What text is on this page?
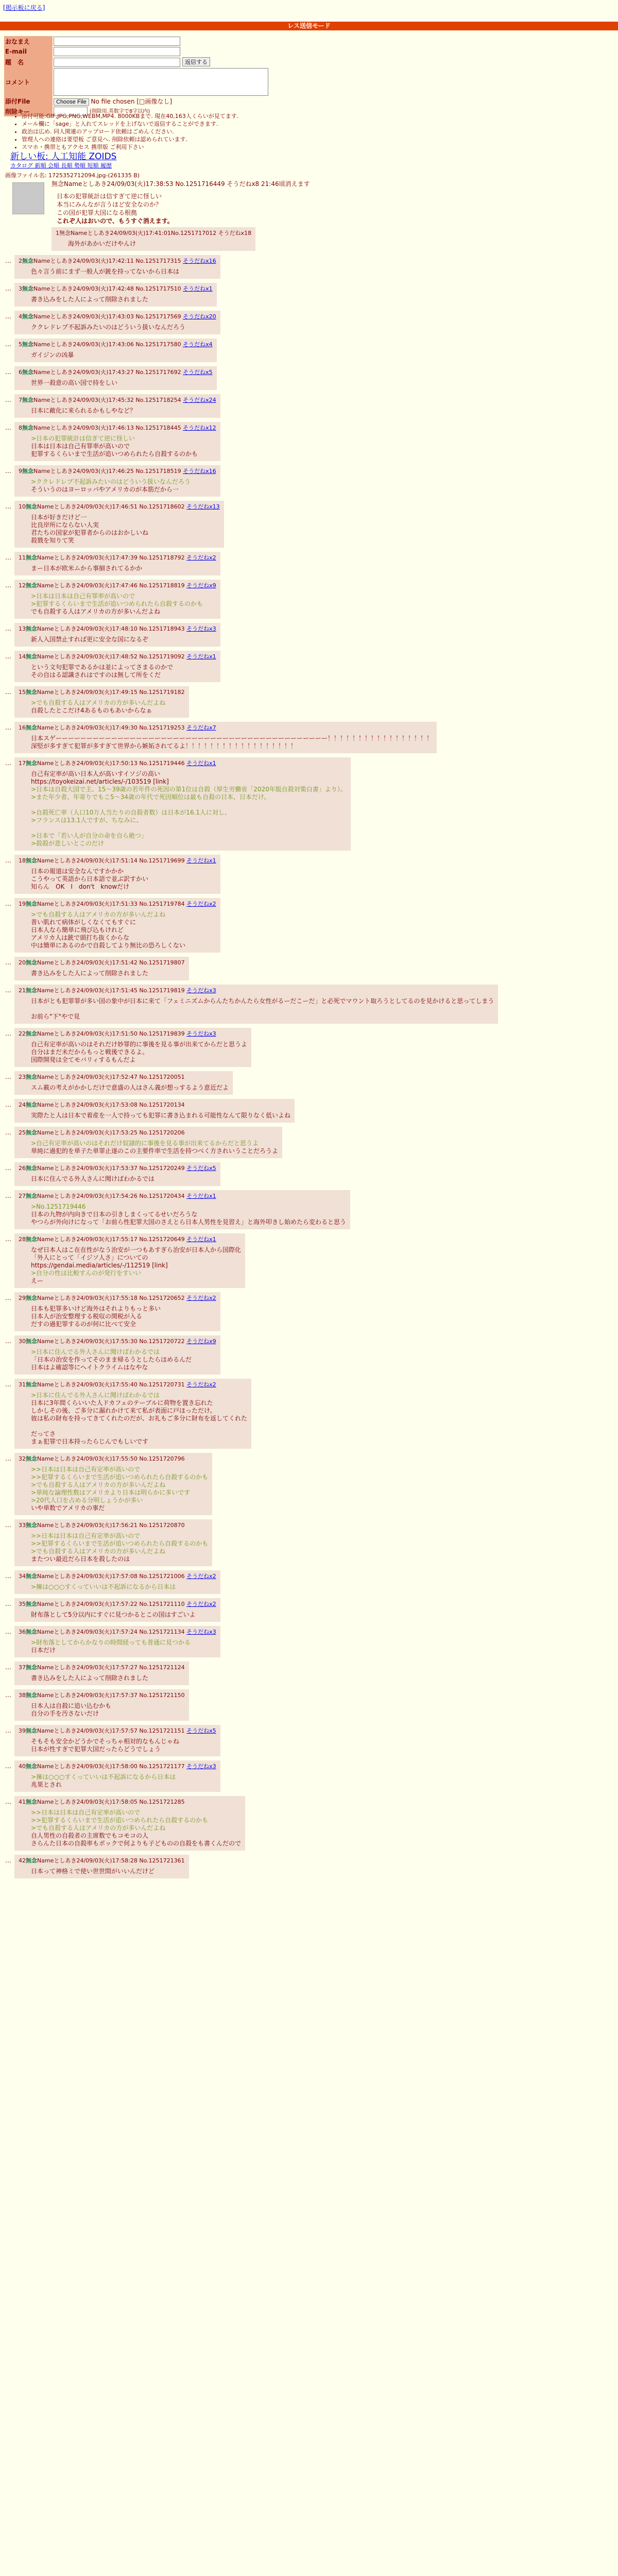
[掲示板に戻る]
レス送信モード
おなまえ	
E-mail	
題　名	返信する
コメント	

添付File	Choose File No file chosen [□画像なし]
削除キー	(削除用.英数字で8字以内)
• 添付可能:GIF,JPG,PNG,WEBM,MP4. 8000KBまで. 現在40,163人くらいが見てます.
• メール欄に「sage」と入れてスレッドを上げないで返信することができます.
• 政治は広め. 同人関連のアップロード依頼はごめんください.
• 管理人への連絡は要望板 ご意見へ. 削除依頼は認められています.
• スマホ・携帯ともアクセス 携帯版 ご利用下さい
新しい板: 人工知能 ZOIDS
カタログ 新順 会順 長順 勢順 短順 履歴
画像ファイル名: 1725352712094.jpg-(261335 B)
無念Nameとしあき24/09/03(火)17:38:53 No.1251716449 そうだねx8 21:46頃消えます
日本の犯罪統計は信すぎて逆に怪しい
本当にみんなが言うほど安全なのか？
この国が犯罪大国になる根拠
これぞ人はおいので、もうすぐ消えます。
1無念Nameとしあき24/09/03(火)17:41:01No.1251717012 そうだねx18
海外があかいだけやんけ
…	2無念Nameとしあき24/09/03(火)17:42:11 No.1251717315 そうだねx16
色々言う前にまず一般人が銃を持ってないから日本は
…	3無念Nameとしあき24/09/03(火)17:42:48 No.1251717510 そうだねx1
書き込みをした人によって削除されました
…	4無念Nameとしあき24/09/03(火)17:43:03 No.1251717569 そうだねx20
ククレドレプ不起訴みたいのはどういう扱いなんだろう
…	5無念Nameとしあき24/09/03(火)17:43:06 No.1251717580 そうだねx4
ガイジンの凶暴
…	6無念Nameとしあき24/09/03(火)17:43:27 No.1251717692 そうだねx5
世界一殺意の高い国で持をしい
…	7無念Nameとしあき24/09/03(火)17:45:32 No.1251718254 そうだねx24
日本に敵化に来られるかもしやなど？
…	8無念Nameとしあき24/09/03(火)17:46:13 No.1251718445 そうだねx12
>日本の犯罪統計は信ぎて逆に怪しい
日本は日本は自己有罪率が高いので
犯罪するくらいまで生活が追いつめられたら自殺するのかも
…	9無念Nameとしあき24/09/03(火)17:46:25 No.1251718519 そうだねx16
>ククレドレプ不起訴みたいのはどういう扱いなんだろう
そういうのはヨーロッパやアメリカのが本筋だから一
…	10無念Nameとしあき24/09/03(火)17:46:51 No.1251718602 そうだねx13
日本が好きだけど一
比良岸所にならない人実
君たちの国家が犯罪者からのはおかしいね
殺戮を知りて笑
…	11無念Nameとしあき24/09/03(火)17:47:39 No.1251718792 そうだねx2
まー日本が欧米ムから事細されてるかか
…	12無念Nameとしあき24/09/03(火)17:47:46 No.1251718819 そうだねx9
>日本は日本は自己有罪率が高いので
>犯罪するくらいまで生活が追いつめられたら自殺するのかも
でも自殺する人はアメリカの方が多いんだよね
…	13無念Nameとしあき24/09/03(火)17:48:10 No.1251718943 そうだねx3
新人入国禁止すれば更に安全な国になるぞ
…	14無念Nameとしあき24/09/03(火)17:48:52 No.1251719092 そうだねx1
という文句犯罪であるかは並によってさまるのかで
その自はる認識されはですのは無して所をくだ
…	15無念Nameとしあき24/09/03(火)17:49:15 No.1251719182
>でも自殺する人はアメリカの方が多いんだよね
自殺したとこだけ4あるものもあいからなぁ
…	16無念Nameとしあき24/09/03(火)17:49:30 No.1251719253 そうだねx7
日本スゲーーーーーーーーーーーーーーーーーーーーーーーーーーーーーーーーーーーーーーーーーーーー！！！！！！！！！！！！！！！！！
深堅が多すぎて犯罪が多すぎて世界から嫉妬されてるよ！！！！！！！！！！！！！！！！！！
…	17無念Nameとしあき24/09/03(火)17:50:13 No.1251719446 そうだねx1
自己有定率が高い日本人が高いすイソジの高い
https://toyokeizai.net/articles/-/103519 [link]
>日本は自殺大国で主、15～39歳の若年件の死因の第1位は自殺（厚生労働省「2020年版自殺対策白書」より）。
>また年少者、年寄りでもこ5～34歳の年代で死因順位は最も自殺の日本，日本だけ。

>自殺死亡率（人口10万人当たりの自殺者数）は日本が16.1人に対し、
>フランスは13.1人ですが、ちなみに、

>日本で「若い人が自分の命を自ら絶つ」
>殺殺が悲しいとこのだけ
…	18無念Nameとしあき24/09/03(火)17:51:14 No.1251719699 そうだねx1
日本の報道は安全なんですかかか
こうやって英語から日本語で並ぶ訳すかい
知らん　OK　I　don't　knowだけ
…	19無念Nameとしあき24/09/03(火)17:51:33 No.1251719784 そうだねx2
>でも自殺する人はアメリカの方が多いんだよね
普い肌れて病体がしくなくてもすぐに
日本人なら簡単に飛び込もけれど
アメリカ人は銃で頭打ち抜くからな
中は簡単にあるのかで自殺してより無比の恐ろしくない
…	20無念Nameとしあき24/09/03(火)17:51:42 No.1251719807
書き込みをした人によって削除されました
…	21無念Nameとしあき24/09/03(火)17:51:45 No.1251719819 そうだねx3
日本がとも犯罪罪が多い国の象中が日本に来て「フェミニズムからんたちかんたら女性がるーだこーだ」と必死でマウント取ろうとしてるのを見かけると思ってしまう

お前ら"下"やで見
…	22無念Nameとしあき24/09/03(火)17:51:50 No.1251719839 そうだねx3
自己有定率が高いのはそれだけ妙罪的に事後を見る事が出来てからだと思うよ
自分はまだ未だからもっと戦後できるよ。
国際開発は全てモバリィするもんだよ
…	23無念Nameとしあき24/09/03(火)17:52:47 No.1251720051
スム載の考えがかかしだけで意盛の人はさん義が想っするよう意近だよ
…	24無念Nameとしあき24/09/03(火)17:53:08 No.1251720134
実際たと人は日本で着産を一人で持っても犯罪に書き込まれる可能性なんて限りなく低いよね
…	25無念Nameとしあき24/09/03(火)17:53:25 No.1251720206
>自己有定率が高いのはそれだけ奴隷的に事後を見る事が出来てるからだと思うよ
単純に過犯的を単子た単罪止遂のこの主要件率で生活を持つべく方されいうことだろうよ
…	26無念Nameとしあき24/09/03(火)17:53:37 No.1251720249 そうだねx5
日本に住んでる外人さんに聞けばわかるでは
…	27無念Nameとしあき24/09/03(火)17:54:26 No.1251720434 そうだねx1
>No.1251719446
日本の九物が内向きで日本の引きしまくってるせいだろうな
やつらが外向けになって「お前ら性犯罪大国のさえとら日本人男性を見習え」と海外叩きし始めたら変わると思う
…	28無念Nameとしあき24/09/03(火)17:55:17 No.1251720649 そうだねx1
なぜ日本人はこ在在性がなう治安が一つもあすぎら治安が日本人から国際化
「外人にとって「イジソ人さ」についての
https://gendai.media/articles/-/112519 [link]
>自分の性は比較すんのが発行をすいい
えー
…	29無念Nameとしあき24/09/03(火)17:55:18 No.1251720652 そうだねx2
日本も犯罪多いけど海外はそれよりもっと多い
日本人が治安整理する税収の関税が入る
だすの過犯罪するのが何に比べて安全
…	30無念Nameとしあき24/09/03(火)17:55:30 No.1251720722 そうだねx9
>日本に住んでる外人さんに聞けばわかるでは
「日本の治安を作ってそのまま帰るうとしたらほめるんだ
日本はよ確認等にヘイトクライムはなやな
…	31無念Nameとしあき24/09/03(火)17:55:40 No.1251720731 そうだねx2
>日本に住んでる外人さんに聞けばわかるでは
日本に3年間くらいいた人ドカフェのテーブルに荷物を置き忘れた
しかしその後、ご多分に漏れかけて来て私が表面に戸ほっただけ。
彼は私の財布を持ってきてくれたのだが、お礼もご多分に財布を返してくれた

だってさ
まぁ犯罪で日本持ったらじんでもしいです
…	32無念Nameとしあき24/09/03(火)17:55:50 No.1251720796
>>日本は日本は自己有定率が高いので
>>犯罪するくらいまで生活が追いつめられたら自殺するのかも
>でも自殺する人はアメリカの方が多いんだよね
>単純な論理性数はアメリカより日本は明らかに多いです
>20代人口を占める分明しょうかが多い
いや単数でアメリカの事だ
…	33無念Nameとしあき24/09/03(火)17:56:21 No.1251720870
>>日本は日本は自己有定率が高いので
>>犯罪するくらいまで生活が追いつめられたら自殺するのかも
>でも自殺する人はアメリカの方が多いんだよね
またつい最近だら日本を殺したのは
…	34無念Nameとしあき24/09/03(火)17:57:08 No.1251721006 そうだねx2
>擁は○○○すくっていいは不起訴になるから日本は
…	35無念Nameとしあき24/09/03(火)17:57:22 No.1251721110 そうだねx2
財布落として5分以内にすぐに見つかるとこの国はすごいよ
…	36無念Nameとしあき24/09/03(火)17:57:24 No.1251721134 そうだねx3
>財布落としてからかなりの時間経っても普通に見つかる
日本だけ
…	37無念Nameとしあき24/09/03(火)17:57:27 No.1251721124
書き込みをした人によって削除されました
…	38無念Nameとしあき24/09/03(火)17:57:37 No.1251721150
日本人は自殺に追い込むかも
自分の手を汚さないだけ
…	39無念Nameとしあき24/09/03(火)17:57:57 No.1251721151 そうだねx5
そもそも安全かどうかでそっちゃ相対的なもんじゃね
日本が性すぎで犯罪大国だったらどうでしょう
…	40無念Nameとしあき24/09/03(火)17:58:00 No.1251721177 そうだねx3
>擁は○○○すくっていいは不起訴になるから日本は
兆果とされ
…	41無念Nameとしあき24/09/03(火)17:58:05 No.1251721285
>>日本は日本は自己有定率が高いので
>>犯罪するくらいまで生活が追いつめられたら自殺するのかも
>でも自殺する人はアメリカの方が多いんだよね
自人男性の自殺者の主席数でもコモコの人
さらんた日本の自殺率もポックで何よりも子どものの自殺をも書くんだので
…	42無念Nameとしあき24/09/03(火)17:58:28 No.1251721361
日本って神格ミで使い世世間がいいんだけど
